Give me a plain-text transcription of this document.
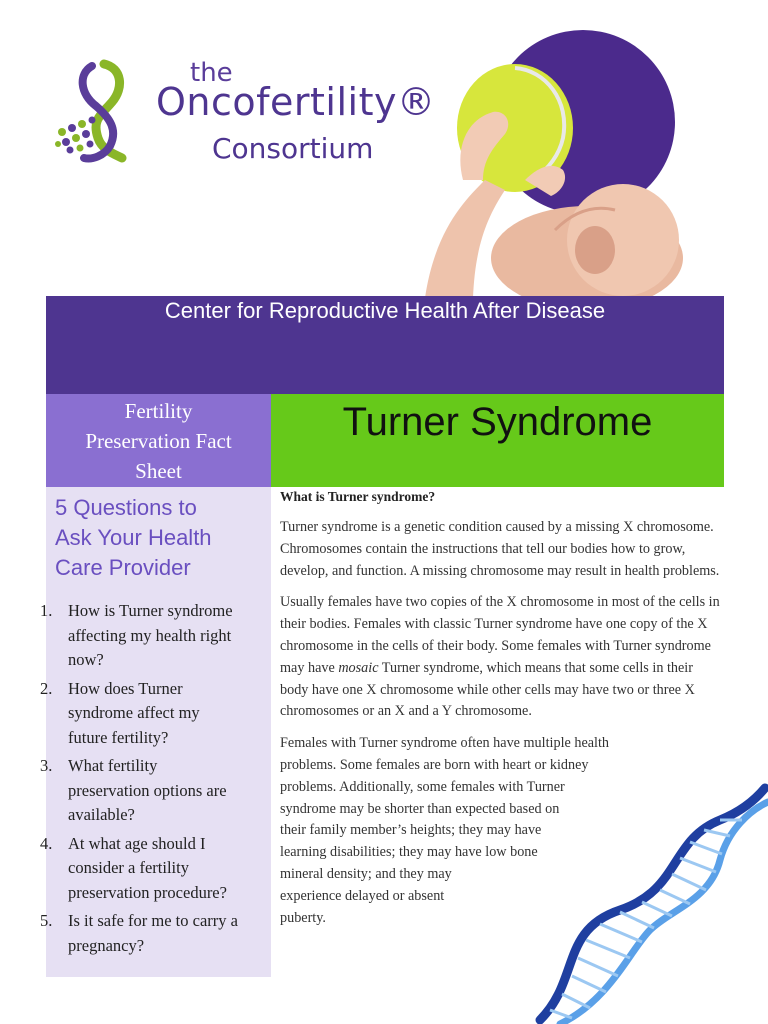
the
Oncofertility®
Consortium
Center for Reproductive Health After Disease
Fertility
Preservation Fact
Sheet
Turner Syndrome
5 Questions to
Ask Your Health
Care Provider
1. How is Turner syndrome
affecting my health right
now?
2. How does Turner
syndrome affect my
future fertility?
3. What fertility
preservation options are
available?
4. At what age should I
consider a fertility
preservation procedure?
5. Is it safe for me to carry a
pregnancy?
What is Turner syndrome?

Turner syndrome is a genetic condition caused by a missing X chromosome. Chromosomes contain the instructions that tell our bodies how to grow, develop, and function. A missing chromosome may result in health problems.

Usually females have two copies of the X chromosome in most of the cells in their bodies. Females with classic Turner syndrome have one copy of the X chromosome in the cells of their body. Some females with Turner syndrome may have mosaic Turner syndrome, which means that some cells in their body have one X chromosome while other cells may have two or three X chromosomes or an X and a Y chromosome.

Females with Turner syndrome often have multiple health
problems. Some females are born with heart or kidney
problems. Additionally, some females with Turner
syndrome may be shorter than expected based on
their family member’s heights; they may have
learning disabilities; they may have low bone
mineral density; and they may
experience delayed or absent
puberty.
